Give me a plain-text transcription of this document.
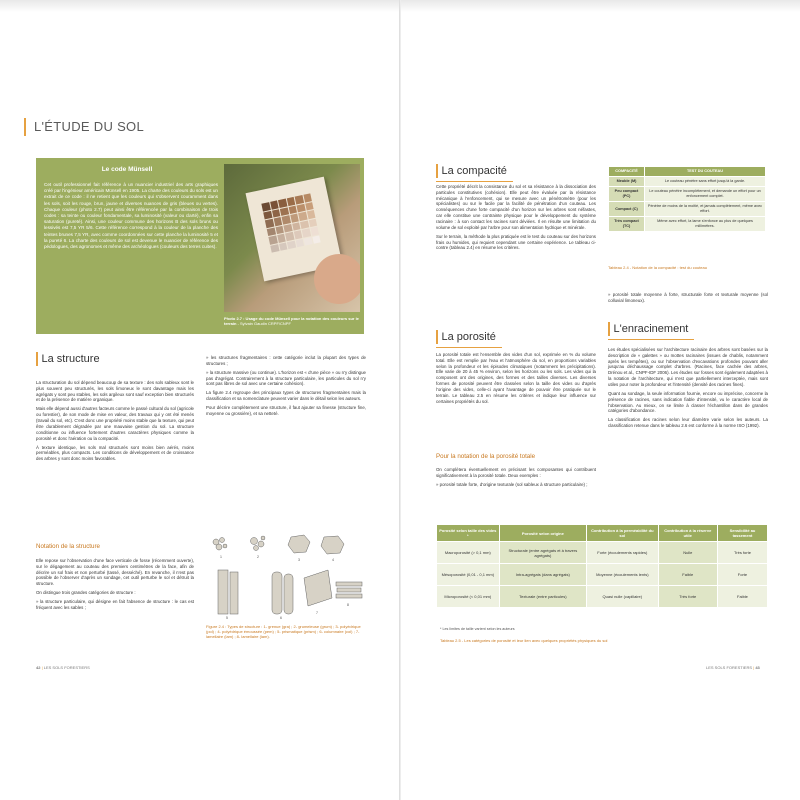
L'ÉTUDE DU SOL
Le code Münsell
Cet outil professionnel fait référence à un nuancier industriel des arts graphiques créé par l'ingénieur américain Münsell en 1905. La charte des couleurs du sols est un extrait de ce code : il ne retient que les couleurs qui s'observent couramment dans les sols, soit les rouge, brun, jaune et diverses nuances de gris (bleues ou vertes). Chaque couleur (photo 2.7) peut ainsi être référencée par la combinaison de trois codes : sa teinte ou couleur fondamentale, sa luminosité (valeur ou clarté), enfin sa saturation (pureté). Ainsi, une couleur commune des horizons B des sols bruns ou lessivés est 7,5 YR 5/6. Cette référence correspond à la couleur de la planche des teintes brunes 7,5 YR, avec comme coordonnées sur cette planche la luminosité 5 et la pureté 6. La charte des couleurs de sol est devenue le nuancier de référence des pédologues, des agronomes et même des archéologues (couleurs des terres cuites).
Photo 2.7 : Usage du code Münsell pour la notation des couleurs sur le terrain - Sylvain Gaudin CRPF/CNPF
La structure

La structuration du sol dépend beaucoup de sa texture : des sols sableux sont le plus souvent peu structurés, les sols limoneux le sont davantage mais les agrégats y sont peu stables, les sols argileux sont sauf exception bien structurés et de la présence de matière organique.

Mais elle dépend aussi d'autres facteurs comme le passé cultural du sol (agricole ou forestier), de son mode de mise en valeur, des travaux qui y ont été menés (travail du sol, etc). C'est donc une propriété moins stable que la texture, qui peut être durablement dégradée par une mauvaise gestion du sol. La structure conditionne ou influence fortement d'autres caractères physiques comme la porosité et donc l'aération ou la compacité.

À texture identique, les sols mal structurés sont moins bien aérés, moins perméables, plus compacts. Les conditions de développement et de croissance des arbres y sont donc moins favorables.

Notation de la structure

Elle repose sur l'observation d'une face verticale de fosse (récemment ouverte), sur le dégagement au couteau des premiers centimètres de la face, afin de décrire un sol frais et non perturbé (tassé, desséché). En revanche, il n'est pas possible de l'observer d'après un sondage, cet outil perturbe le sol et détruit la structure.

On distingue trois grandes catégories de structure :

» la structure particulaire, qui désigne en fait l'absence de structure : le cas est fréquent avec les sables ;

» les structures fragmentaires : cette catégorie inclut la plupart des types de structures ;

» la structure massive (ou continue). L'horizon est « d'une pièce » ou n'y distingue pas d'agrégat. Contrairement à la structure particulaire, les particules du sol n'y sont pas libres de sol avec une certaine cohésion).

La figure 2.4 regroupe des principaux types de structures fragmentaires mais la classification et sa nomenclature peuvent varier dans le détail selon les auteurs.

Pour décrire complètement une structure, il faut ajouter sa finesse (structure fine, moyenne ou grossière), et sa netteté.

1	2
3	4
5	6
7
8
Figure 2.4 : Types de structure : 1- grenue (gra) ; 2- grumeleuse (grum) ; 3- polyédrique (pol) ; 4- polyédrique émoussée (pem) ; 5- prismatique (prism) ; 6- columnaire (col) ; 7- lamellaire (lam) ; 8- lamellaire (lam).
La compacité

Cette propriété décrit la consistance du sol et sa résistance à la dissociation des particules constitutives (cohésion). Elle peut être évaluée par la résistance mécanique à l'enfoncement, qui se mesure avec un pénétromètre (pour les spécialistes) ou sur le facile par la facilité de pénétration d'un couteau. Les conséquences d'une forte compacité d'un horizon sur les arbres sont néfastes, car elle constitue une contrainte physique pour le développement du système racinaire : à son contact les racines sont déviées. Il en résulte une limitation du volume de sol exploité par l'arbre pour son alimentation hydrique et minérale.

Sur le terrain, la méthode la plus pratiquée est le test du couteau sur des horizons frais ou humides, qui requiert cependant une certaine expérience. Le tableau ci-contre (tableau 2.4) en résume les critères.

» porosité totale moyenne à forte, structurale forte et texturale moyenne (sol colluvial limoneux).

COMPACITÉ	TEST DU COUTEAU
Meuble (M)	Le couteau pénètre sans effort jusqu'à la garde.
Peu compact (PC)	Le couteau pénètre incomplètement, et demande un effort pour un enfoncement complet.
Compact (C)	Pénètre de moins de la moitié, et jamais complètement, même avec effort.
Très compact (TC)	Même avec effort, la lame s'enfonce au plus de quelques millimètres.
Tableau 2.4 - Notation de la compacité : test du couteau
La porosité

La porosité totale est l'ensemble des vides d'un sol, exprimée en % du volume total. Elle est remplie par l'eau et l'atmosphère du sol, en proportions variables selon la profondeur et les épisodes climatiques (notamment les précipitations). Elle varie de 20 à 45 % environ, selon les horizons ou les sols. Les vides qui la composent ont des origines, des formes et des tailles diverses. Les diverses formes de porosité peuvent être classées selon la taille des vides ou d'après l'origine des vides, celle-ci ayant l'avantage de pouvoir être pratiquée sur le terrain. Le tableau 2.5 en résume les critères et indique leur influence sur certaines propriétés du sol.

Pour la notation de la porosité totale

On complètera éventuellement en précisant les composantes qui contribuent significativement à la porosité totale. Deux exemples :

» porosité totale forte, d'origine texturale (sol sableux à structure particulaire) ;

L'enracinement

Les études spécialisées sur l'architecture racinaire des arbres sont basées sur la description de « galettes » ou mottes racinaires (issues de chablis, notamment après les tempêtes), ou sur l'observation d'excavations profondes pouvant aller jusqu'au déchaussage complet d'arbres. (Racines, face cachée des arbres, Drénou et al., CNPF-IDF 2006). Les études sur fosses sont également adaptées à la notation de l'architecture, qui n'est que partiellement interceptée, mais sont utiles pour noter la profondeur et l'intensité (densité des racines fines).

Quant au sondage, la seule information fournie, encore ou imprécise, concerne la présence de racines, sans indication fiable d'intensité, vu le caractère local de l'observation. Au mieux, on se limite à classer l'échantillon dans de grandes catégories d'abondance.

La classification des racines selon leur diamètre varie selon les auteurs. La classification retenue dans le tableau 2.6 est conforme à la norme ISO (1992).

Porosité selon taille des vides *	Porosité selon origine	Contribution à la perméabilité du sol	Contribution à la réserve utile	Sensibilité au tassement
Macroporosité (> 0,1 mm)	Structurale (entre agrégats et à travers agrégats)	Forte (écoulements rapides)	Nulle	Très forte
Mésoporosité (0,01 - 0,1 mm)	Intra-agrégats (dans agrégats)	Moyenne (écoulements lents)	Faible	Forte
Microporosité (< 0,01 mm)	Texturale (entre particules)	Quasi nulle (capillaire)	Très forte	Faible
* Les limites de taille varient selon les auteurs
Tableau 2.5 - Les catégories de porosité et leur lien avec quelques propriétés physiques du sol
42 | LES SOLS FORESTIERS	LES SOLS FORESTIERS | 43
